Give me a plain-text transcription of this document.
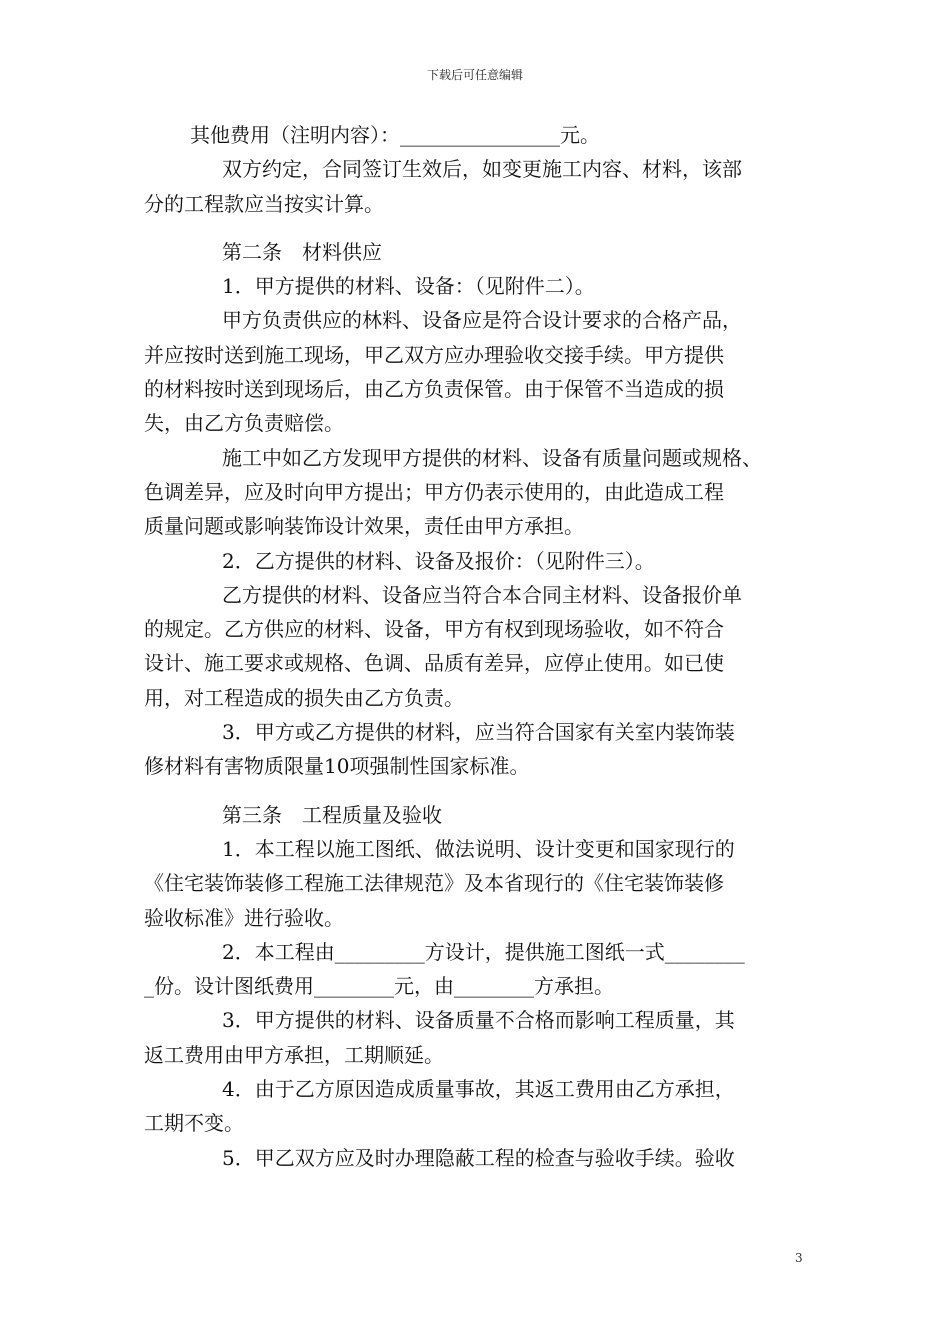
下载后可任意编辑
其他费用（注明内容）：________________元。
双方约定，合同签订生效后，如变更施工内容、材料，该部
分的工程款应当按实计算。
第二条　材料供应
1．甲方提供的材料、设备：（见附件二）。
甲方负责供应的林料、设备应是符合设计要求的合格产品，
并应按时送到施工现场，甲乙双方应办理验收交接手续。甲方提供
的材料按时送到现场后，由乙方负责保管。由于保管不当造成的损
失，由乙方负责赔偿。
施工中如乙方发现甲方提供的材料、设备有质量问题或规格、
色调差异，应及时向甲方提出；甲方仍表示使用的，由此造成工程
质量问题或影响装饰设计效果，责任由甲方承担。
2．乙方提供的材料、设备及报价：（见附件三）。
乙方提供的材料、设备应当符合本合同主材料、设备报价单
的规定。乙方供应的材料、设备，甲方有权到现场验收，如不符合
设计、施工要求或规格、色调、品质有差异，应停止使用。如已使
用，对工程造成的损失由乙方负责。
3．甲方或乙方提供的材料，应当符合国家有关室内装饰装
修材料有害物质限量10项强制性国家标准。
第三条　工程质量及验收
1．本工程以施工图纸、做法说明、设计变更和国家现行的
《住宅装饰装修工程施工法律规范》及本省现行的《住宅装饰装修
验收标准》进行验收。
2．本工程由_________方设计，提供施工图纸一式________
_份。设计图纸费用________元，由________方承担。
3．甲方提供的材料、设备质量不合格而影响工程质量，其
返工费用由甲方承担，工期顺延。
4．由于乙方原因造成质量事故，其返工费用由乙方承担，
工期不变。
5．甲乙双方应及时办理隐蔽工程的检查与验收手续。验收
3
